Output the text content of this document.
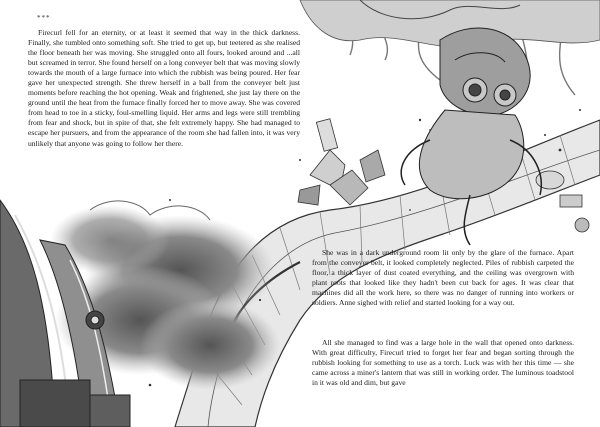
***

Firecurl fell for an eternity, or at least it seemed that way in the thick darkness. Finally, she tumbled onto something soft. She tried to get up, but teetered as she realised the floor beneath her was moving. She struggled onto all fours, looked around and ...all but screamed in terror. She found herself on a long conveyer belt that was moving slowly towards the mouth of a large furnace into which the rubbish was being poured. Her fear gave her unexpected strength. She threw herself in a ball from the conveyer belt just moments before reaching the hot opening. Weak and frightened, she just lay there on the ground until the heat from the furnace finally forced her to move away. She was covered from head to toe in a sticky, foul-smelling liquid. Her arms and legs were still trembling from fear and shock, but in spite of that, she felt extremely happy. She had managed to escape her pursuers, and from the appearance of the room she had fallen into, it was very unlikely that anyone was going to follow her there.

She was in a dark underground room lit only by the glare of the furnace. Apart from the conveyer belt, it looked completely neglected. Piles of rubbish carpeted the floor, a thick layer of dust coated everything, and the ceiling was overgrown with plant roots that looked like they hadn't been cut back for ages. It was clear that machines did all the work here, so there was no danger of running into workers or soldiers. Anne sighed with relief and started looking for a way out.

All she managed to find was a large hole in the wall that opened onto darkness. With great difficulty, Firecurl tried to forget her fear and began sorting through the rubbish looking for something to use as a torch. Luck was with her this time — she came across a miner's lantern that was still in working order. The luminous toadstool in it was old and dim, but gave
